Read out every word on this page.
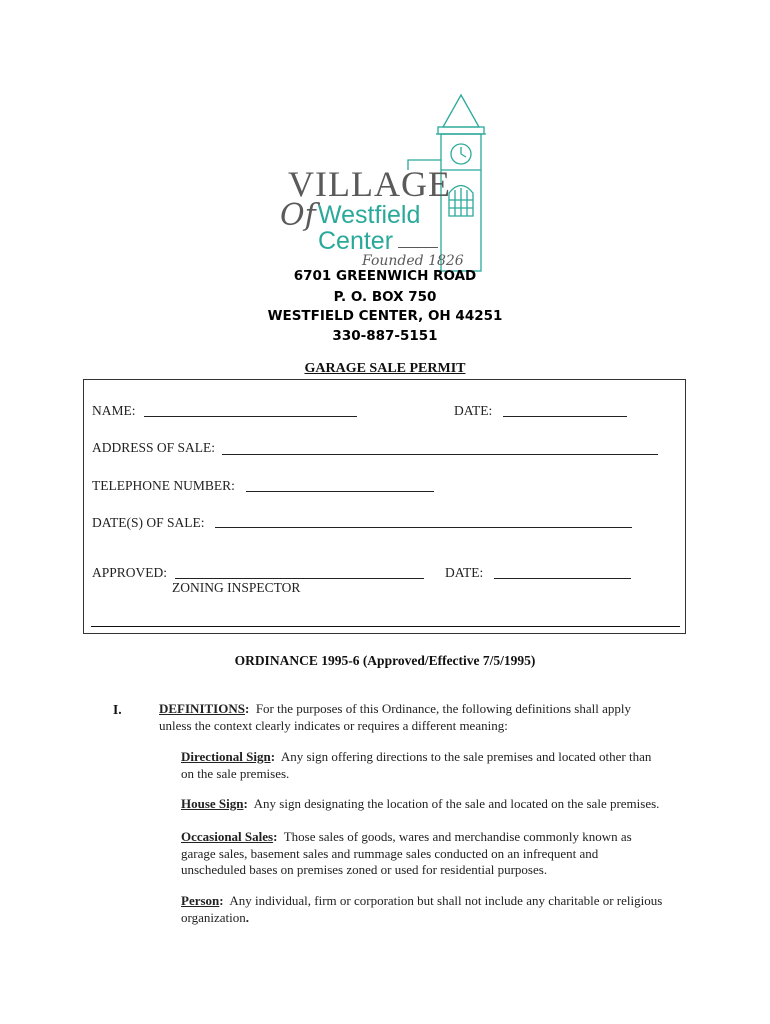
VILLAGE
Of Westfield
Center
Founded 1826
6701 GREENWICH ROAD
P. O. BOX 750
WESTFIELD CENTER, OH 44251
330-887-5151
GARAGE SALE PERMIT
NAME:	DATE:
ADDRESS OF SALE:
TELEPHONE NUMBER:
DATE(S) OF SALE:
APPROVED:	DATE:
ZONING INSPECTOR
ORDINANCE 1995-6 (Approved/Effective 7/5/1995)
I.	DEFINITIONS: For the purposes of this Ordinance, the following definitions shall apply
unless the context clearly indicates or requires a different meaning:
Directional Sign: Any sign offering directions to the sale premises and located other than
on the sale premises.
House Sign: Any sign designating the location of the sale and located on the sale premises.
Occasional Sales: Those sales of goods, wares and merchandise commonly known as
garage sales, basement sales and rummage sales conducted on an infrequent and
unscheduled bases on premises zoned or used for residential purposes.
Person: Any individual, firm or corporation but shall not include any charitable or religious
organization.
